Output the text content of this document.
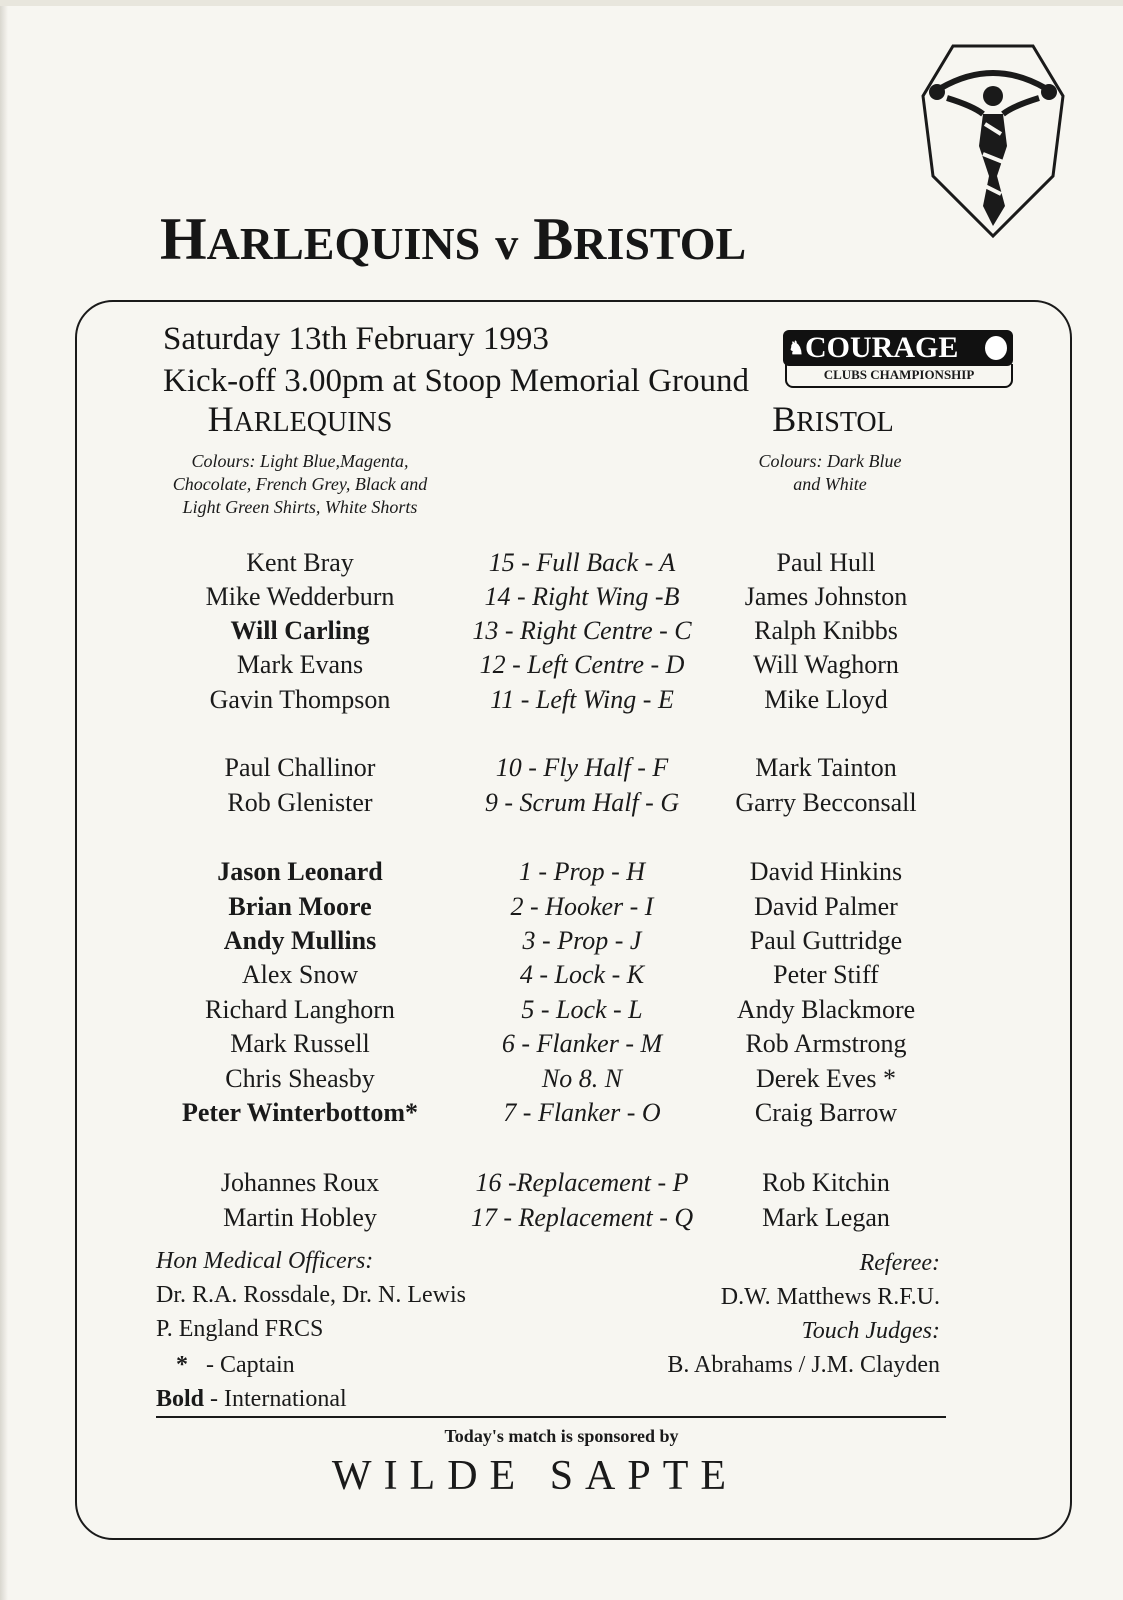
HARLEQUINS v BRISTOL
Saturday 13th February 1993
Kick-off 3.00pm at Stoop Memorial Ground
♞ COURAGE
CLUBS CHAMPIONSHIP
HARLEQUINS	BRISTOL
Colours: Light Blue,Magenta,
Chocolate, French Grey, Black and
Light Green Shirts, White Shorts
Colours: Dark Blue
and White
Kent Bray	15 - Full Back - A	Paul Hull
Mike Wedderburn	14 - Right Wing -B	James Johnston
Will Carling	13 - Right Centre - C	Ralph Knibbs
Mark Evans	12 - Left Centre - D	Will Waghorn
Gavin Thompson	11 - Left Wing - E	Mike Lloyd
Paul Challinor	10 - Fly Half - F	Mark Tainton
Rob Glenister	9 - Scrum Half - G	Garry Becconsall
Jason Leonard	1 - Prop - H	David Hinkins
Brian Moore	2 - Hooker - I	David Palmer
Andy Mullins	3 - Prop - J	Paul Guttridge
Alex Snow	4 - Lock - K	Peter Stiff
Richard Langhorn	5 - Lock - L	Andy Blackmore
Mark Russell	6 - Flanker - M	Rob Armstrong
Chris Sheasby	No 8. N	Derek Eves *
Peter Winterbottom*	7 - Flanker - O	Craig Barrow
Johannes Roux	16 -Replacement - P	Rob Kitchin
Martin Hobley	17 - Replacement - Q	Mark Legan
Hon Medical Officers:
Dr. R.A. Rossdale, Dr. N. Lewis
P. England FRCS
* - Captain
Bold - International
Referee:
D.W. Matthews R.F.U.
Touch Judges:
B. Abrahams / J.M. Clayden
Today's match is sponsored by
WILDE SAPTE
